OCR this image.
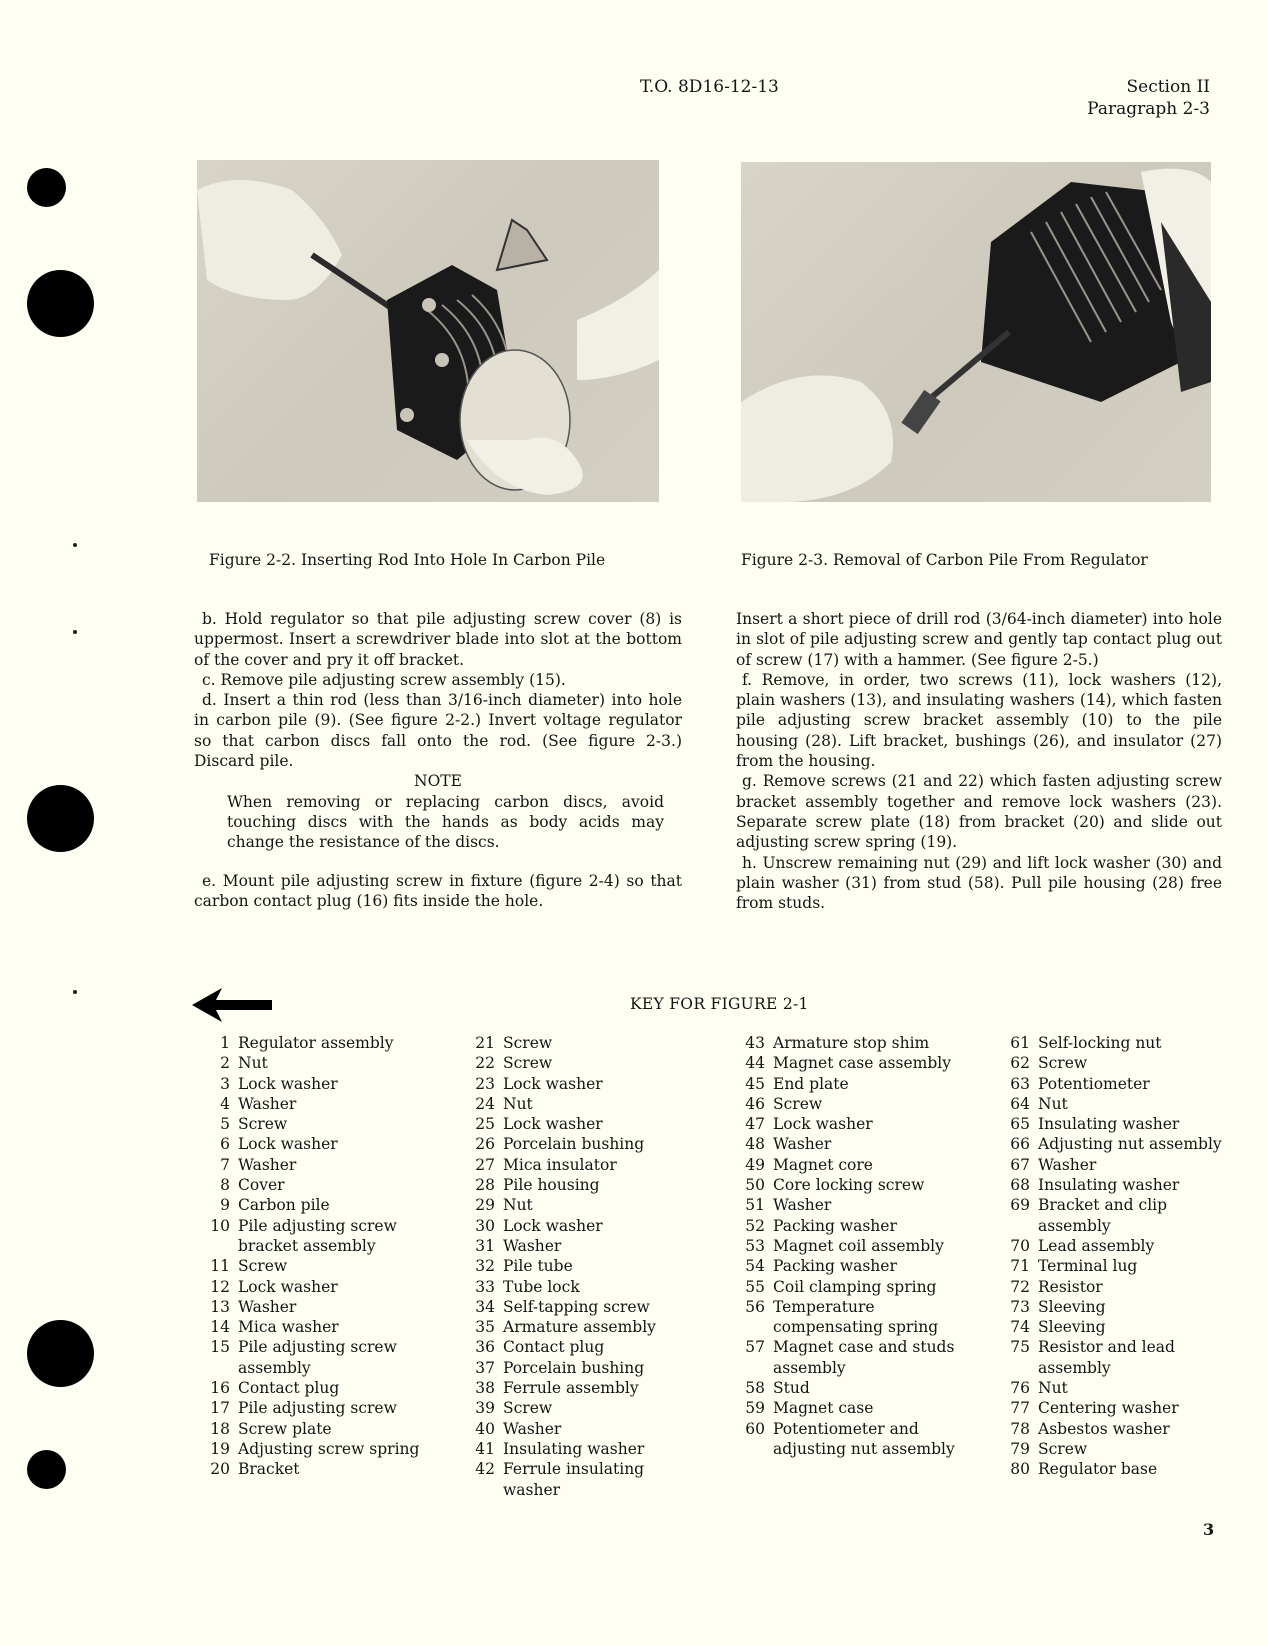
T.O. 8D16-12-13	Section II
Paragraph 2-3
Figure 2-2. Inserting Rod Into Hole In Carbon Pile	Figure 2-3. Removal of Carbon Pile From Regulator

b. Hold regulator so that pile adjusting screw cover (8) is uppermost. Insert a screwdriver blade into slot at the bottom of the cover and pry it off bracket.

c. Remove pile adjusting screw assembly (15).

d. Insert a thin rod (less than 3/16-inch diameter) into hole in carbon pile (9). (See figure 2-2.) Invert voltage regulator so that carbon discs fall onto the rod. (See figure 2-3.) Discard pile.

NOTE

When removing or replacing carbon discs, avoid touching discs with the hands as body acids may change the resistance of the discs.

e. Mount pile adjusting screw in fixture (figure 2-4) so that carbon contact plug (16) fits inside the hole.

Insert a short piece of drill rod (3/64-inch diameter) into hole in slot of pile adjusting screw and gently tap contact plug out of screw (17) with a hammer. (See figure 2-5.)

f. Remove, in order, two screws (11), lock washers (12), plain washers (13), and insulating washers (14), which fasten pile adjusting screw bracket assembly (10) to the pile housing (28). Lift bracket, bushings (26), and insulator (27) from the housing.

g. Remove screws (21 and 22) which fasten adjusting screw bracket assembly together and remove lock washers (23). Separate screw plate (18) from bracket (20) and slide out adjusting screw spring (19).

h. Unscrew remaining nut (29) and lift lock washer (30) and plain washer (31) from stud (58). Pull pile housing (28) free from studs.

KEY FOR FIGURE 2-1
1 Regulator assembly
2 Nut
3 Lock washer
4 Washer
5 Screw
6 Lock washer
7 Washer
8 Cover
9 Carbon pile
10 Pile adjusting screw bracket assembly
11 Screw
12 Lock washer
13 Washer
14 Mica washer
15 Pile adjusting screw assembly
16 Contact plug
17 Pile adjusting screw
18 Screw plate
19 Adjusting screw spring
20 Bracket
21 Screw
22 Screw
23 Lock washer
24 Nut
25 Lock washer
26 Porcelain bushing
27 Mica insulator
28 Pile housing
29 Nut
30 Lock washer
31 Washer
32 Pile tube
33 Tube lock
34 Self-tapping screw
35 Armature assembly
36 Contact plug
37 Porcelain bushing
38 Ferrule assembly
39 Screw
40 Washer
41 Insulating washer
42 Ferrule insulating washer
43 Armature stop shim
44 Magnet case assembly
45 End plate
46 Screw
47 Lock washer
48 Washer
49 Magnet core
50 Core locking screw
51 Washer
52 Packing washer
53 Magnet coil assembly
54 Packing washer
55 Coil clamping spring
56 Temperature compensating spring
57 Magnet case and studs assembly
58 Stud
59 Magnet case
60 Potentiometer and adjusting nut assembly
61 Self-locking nut
62 Screw
63 Potentiometer
64 Nut
65 Insulating washer
66 Adjusting nut assembly
67 Washer
68 Insulating washer
69 Bracket and clip assembly
70 Lead assembly
71 Terminal lug
72 Resistor
73 Sleeving
74 Sleeving
75 Resistor and lead assembly
76 Nut
77 Centering washer
78 Asbestos washer
79 Screw
80 Regulator base
3
